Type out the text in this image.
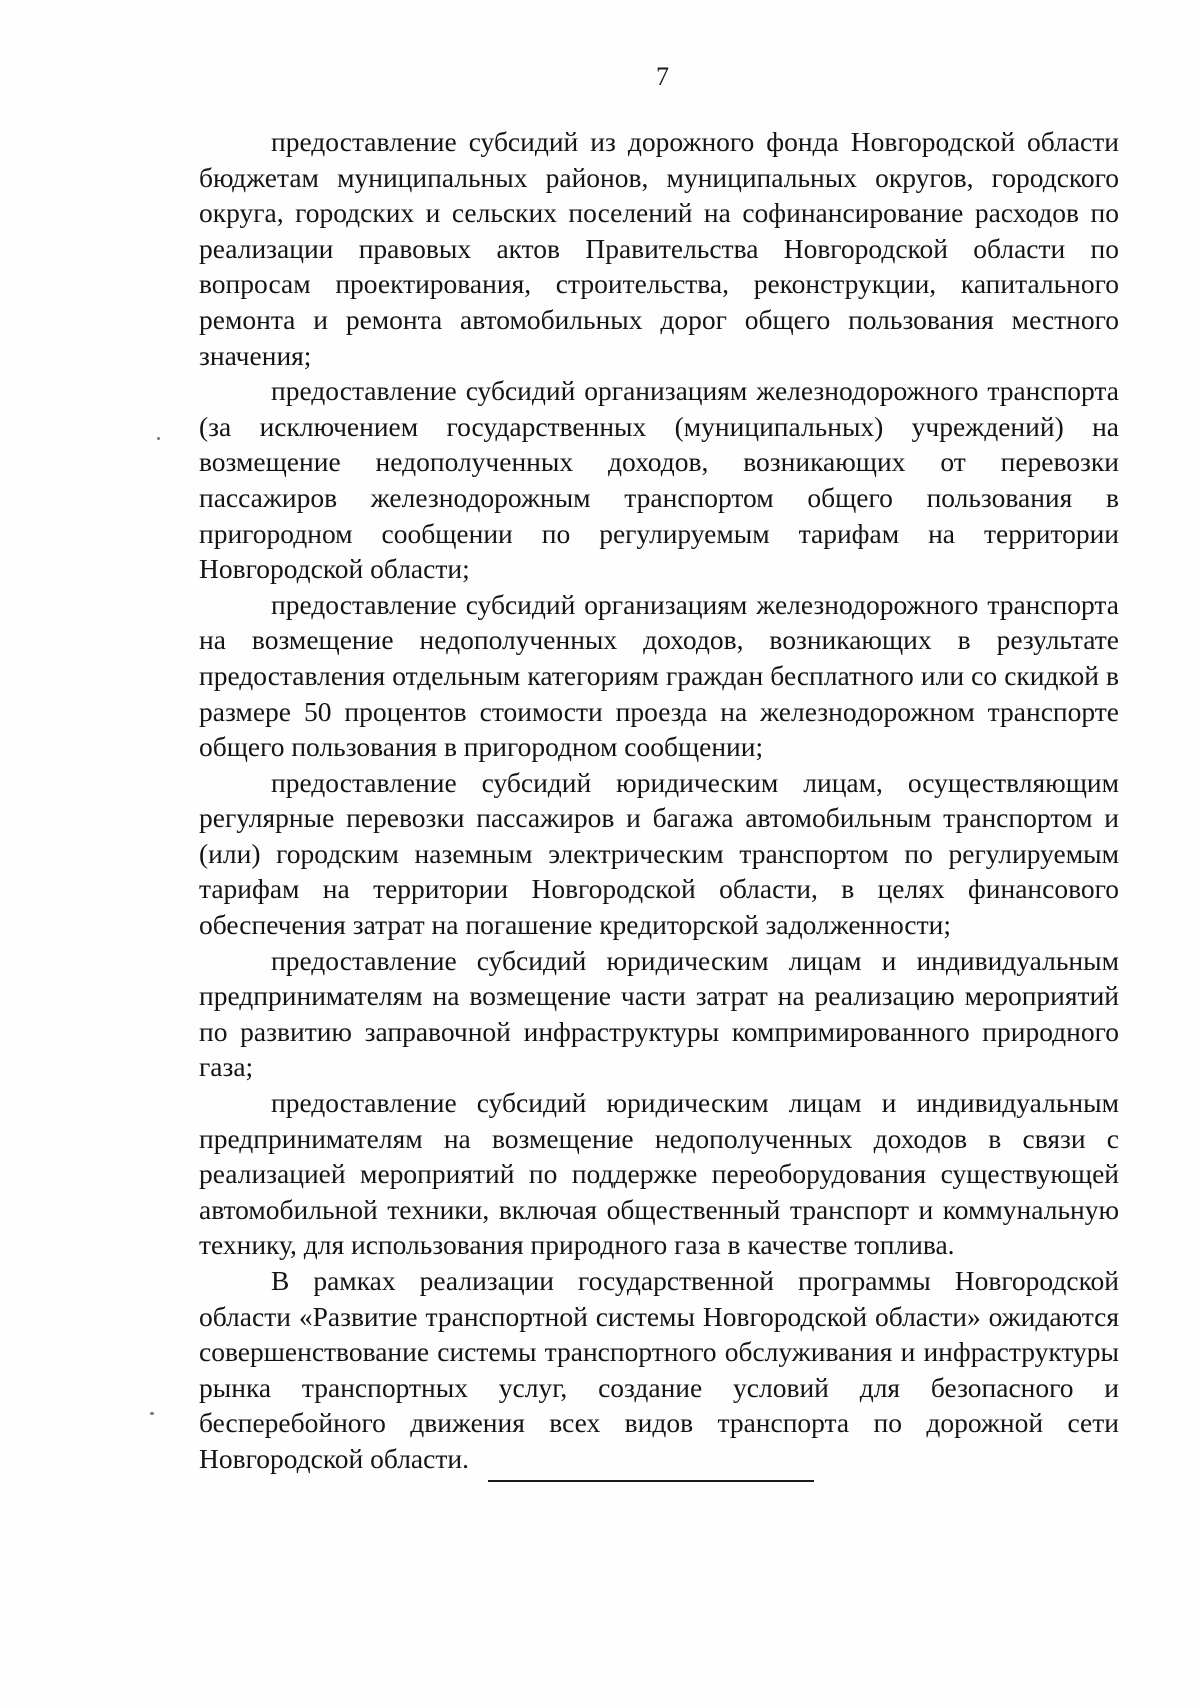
7

предоставление субсидий из дорожного фонда Новгородской области бюджетам муниципальных районов, муниципальных округов, городского округа, городских и сельских поселений на софинансирование расходов по реализации правовых актов Правительства Новгородской области по вопросам проектирования, строительства, реконструкции, капитального ремонта и ремонта автомобильных дорог общего пользования местного значения;

предоставление субсидий организациям железнодорожного транспорта (за исключением государственных (муниципальных) учреждений) на возмещение недополученных доходов, возникающих от перевозки пассажиров железнодорожным транспортом общего пользования в пригородном сообщении по регулируемым тарифам на территории Новгородской области;

предоставление субсидий организациям железнодорожного транспорта на возмещение недополученных доходов, возникающих в результате предоставления отдельным категориям граждан бесплатного или со скидкой в размере 50 процентов стоимости проезда на железнодорожном транспорте общего пользования в пригородном сообщении;

предоставление субсидий юридическим лицам, осуществляющим регулярные перевозки пассажиров и багажа автомобильным транспортом и (или) городским наземным электрическим транспортом по регулируемым тарифам на территории Новгородской области, в целях финансового обеспечения затрат на погашение кредиторской задолженности;

предоставление субсидий юридическим лицам и индивидуальным предпринимателям на возмещение части затрат на реализацию мероприятий по развитию заправочной инфраструктуры компримированного природного газа;

предоставление субсидий юридическим лицам и индивидуальным предпринимателям на возмещение недополученных доходов в связи с реализацией мероприятий по поддержке переоборудования существующей автомобильной техники, включая общественный транспорт и коммунальную технику, для использования природного газа в качестве топлива.

В рамках реализации государственной программы Новгородской области «Развитие транспортной системы Новгородской области» ожидаются совершенствование системы транспортного обслуживания и инфраструктуры рынка транспортных услуг, создание условий для безопасного и бесперебойного движения всех видов транспорта по дорожной сети Новгородской области.
